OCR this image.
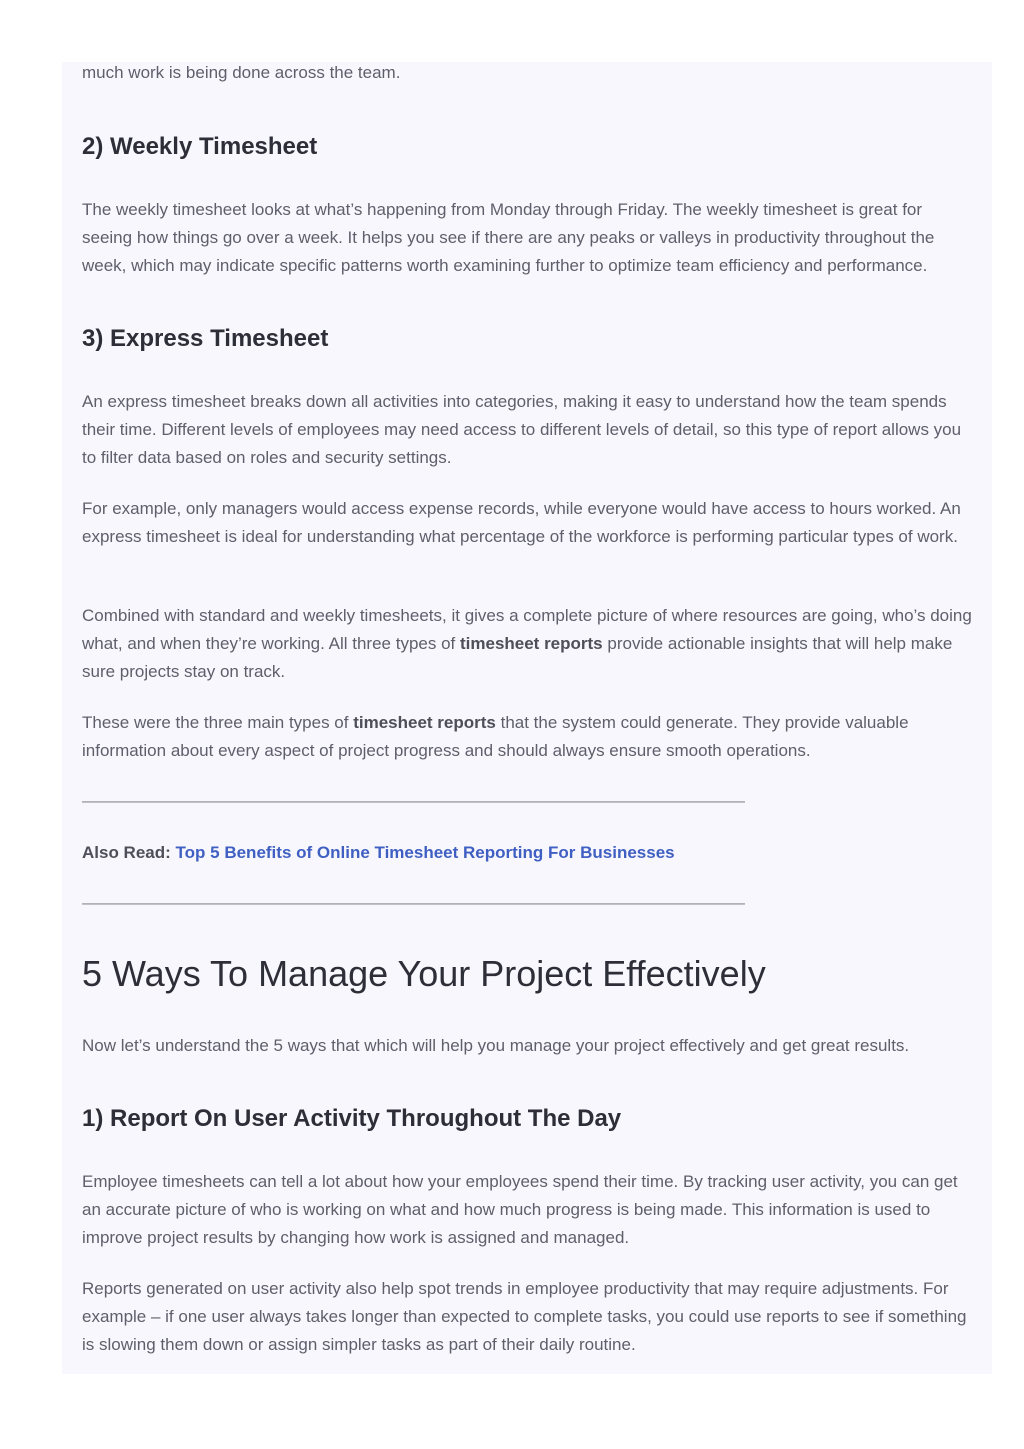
much work is being done across the team.

2) Weekly Timesheet

The weekly timesheet looks at what’s happening from Monday through Friday. The weekly timesheet is great for seeing how things go over a week. It helps you see if there are any peaks or valleys in productivity throughout the week, which may indicate specific patterns worth examining further to optimize team efficiency and performance.

3) Express Timesheet

An express timesheet breaks down all activities into categories, making it easy to understand how the team spends their time. Different levels of employees may need access to different levels of detail, so this type of report allows you to filter data based on roles and security settings.

For example, only managers would access expense records, while everyone would have access to hours worked. An express timesheet is ideal for understanding what percentage of the workforce is performing particular types of work.

Combined with standard and weekly timesheets, it gives a complete picture of where resources are going, who’s doing what, and when they’re working. All three types of timesheet reports provide actionable insights that will help make sure projects stay on track.

These were the three main types of timesheet reports that the system could generate. They provide valuable information about every aspect of project progress and should always ensure smooth operations.

———————————————————————————————————————

Also Read: Top 5 Benefits of Online Timesheet Reporting For Businesses

———————————————————————————————————————

5 Ways To Manage Your Project Effectively

Now let’s understand the 5 ways that which will help you manage your project effectively and get great results.

1) Report On User Activity Throughout The Day

Employee timesheets can tell a lot about how your employees spend their time. By tracking user activity, you can get an accurate picture of who is working on what and how much progress is being made. This information is used to improve project results by changing how work is assigned and managed.

Reports generated on user activity also help spot trends in employee productivity that may require adjustments. For example – if one user always takes longer than expected to complete tasks, you could use reports to see if something is slowing them down or assign simpler tasks as part of their daily routine.
